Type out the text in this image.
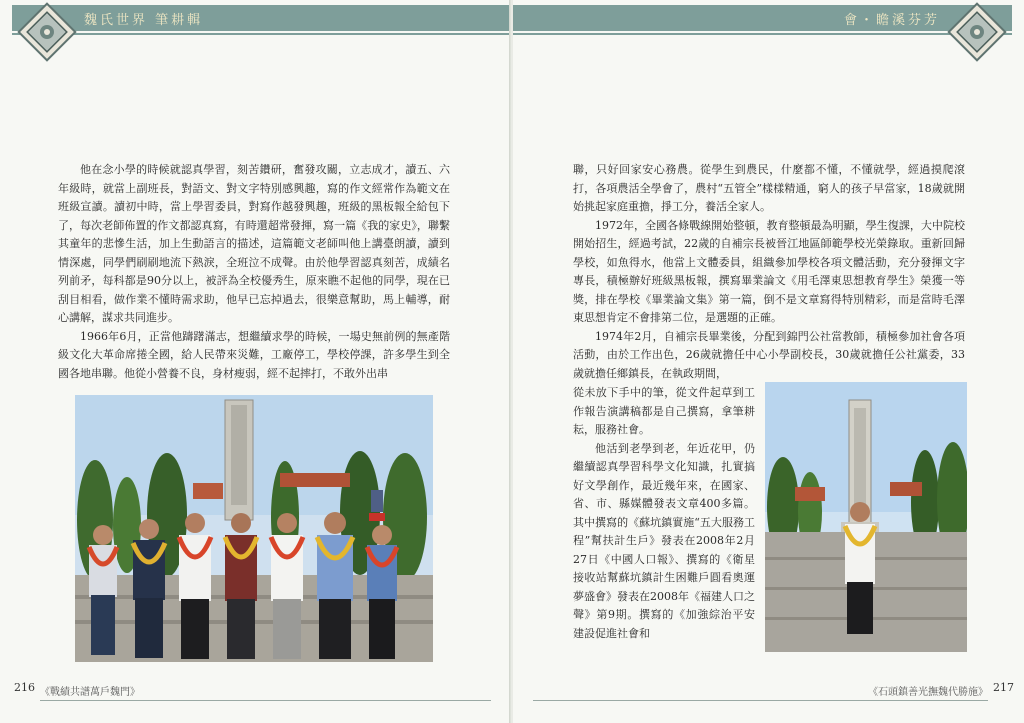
魏氏世界 筆耕輯

他在念小學的時候就認真學習，刻苦鑽研，奮發攻關，立志成才，讀五、六年級時，就當上副班長，對語文、對文字特別感興趣，寫的作文經常作為範文在班級宣讀。讀初中時，當上學習委員，對寫作越發興趣，班級的黑板報全給包下了，每次老師佈置的作文都認真寫，有時還超常發揮，寫一篇《我的家史》，聯繫其童年的悲慘生活，加上生動語言的描述，這篇範文老師叫他上講臺朗讀，讀到情深處，同學們刷刷地流下熱淚，全班泣不成聲。由於他學習認真刻苦，成績名列前矛，每科都是90分以上，被評為全校優秀生，原來瞧不起他的同學，現在已刮目相看，做作業不懂時需求助，他早已忘掉過去，很樂意幫助，馬上輔導，耐心講解，謀求共同進步。

1966年6月，正當他躊躇滿志，想繼續求學的時候，一場史無前例的無產階級文化大革命席捲全國，給人民帶來災難，工廠停工，學校停課，許多學生到全國各地串聯。他從小營養不良，身材瘦弱，經不起摔打，不敢外出串

216 《戰績共譜萬戶魏門》
會・瞻溪芬芳

聯，只好回家安心務農。從學生到農民，什麼都不懂，不懂就學，經過摸爬滾打，各項農活全學會了，農村“五管全”樣樣精通，窮人的孩子早當家，18歲就開始挑起家庭重擔，掙工分，養活全家人。

1972年，全國各條戰線開始整頓，教育整頓最為明顯，學生復課，大中院校開始招生，經過考試，22歲的自補宗長被晉江地區師範學校光榮錄取。重新回歸學校，如魚得水，他當上文體委員，組織參加學校各項文體活動，充分發揮文字專長，積極辦好班級黑板報，撰寫畢業論文《用毛澤東思想教育學生》榮獲一等獎，排在學校《畢業論文集》第一篇，倒不是文章寫得特別精彩，而是當時毛澤東思想肯定不會排第二位，是選題的正確。

1974年2月，自補宗長畢業後，分配到錦門公社當教師，積極參加社會各項活動，由於工作出色，26歲就擔任中心小學副校長，30歲就擔任公社黨委，33歲就擔任鄉鎮長，在執政期間，

從未放下手中的筆，從文件起草到工作報告演講稿都是自己撰寫，拿筆耕耘，服務社會。

他活到老學到老，年近花甲，仍繼續認真學習科學文化知識，扎實搞好文學創作，最近幾年來，在國家、省、市、縣媒體發表文章400多篇。其中撰寫的《蘇坑鎮實施“五大服務工程”幫扶計生戶》發表在2008年2月27日《中國人口報》、撰寫的《衛星接收站幫蘇坑鎮計生困難戶圓看奧運夢盛會》發表在2008年《福建人口之聲》第9期。撰寫的《加強綜治平安建設促進社會和

217
《石頭鎮善光撫魏代勝施》
